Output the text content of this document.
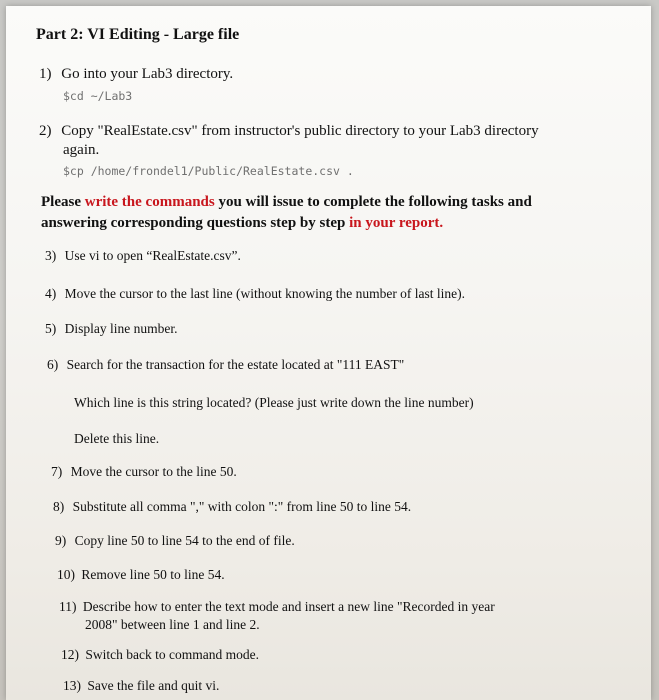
Part 2: VI Editing - Large file
1) Go into your Lab3 directory.
$cd ~/Lab3
2) Copy "RealEstate.csv" from instructor's public directory to your Lab3 directory
again.
$cp /home/frondel1/Public/RealEstate.csv .
Please write the commands you will issue to complete the following tasks and
answering corresponding questions step by step in your report.
3) Use vi to open “RealEstate.csv”.
4) Move the cursor to the last line (without knowing the number of last line).
5) Display line number.
6) Search for the transaction for the estate located at "111 EAST"
Which line is this string located? (Please just write down the line number)
Delete this line.
7) Move the cursor to the line 50.
8) Substitute all comma "," with colon ":" from line 50 to line 54.
9) Copy line 50 to line 54 to the end of file.
10) Remove line 50 to line 54.
11) Describe how to enter the text mode and insert a new line "Recorded in year
2008" between line 1 and line 2.
12) Switch back to command mode.
13) Save the file and quit vi.
